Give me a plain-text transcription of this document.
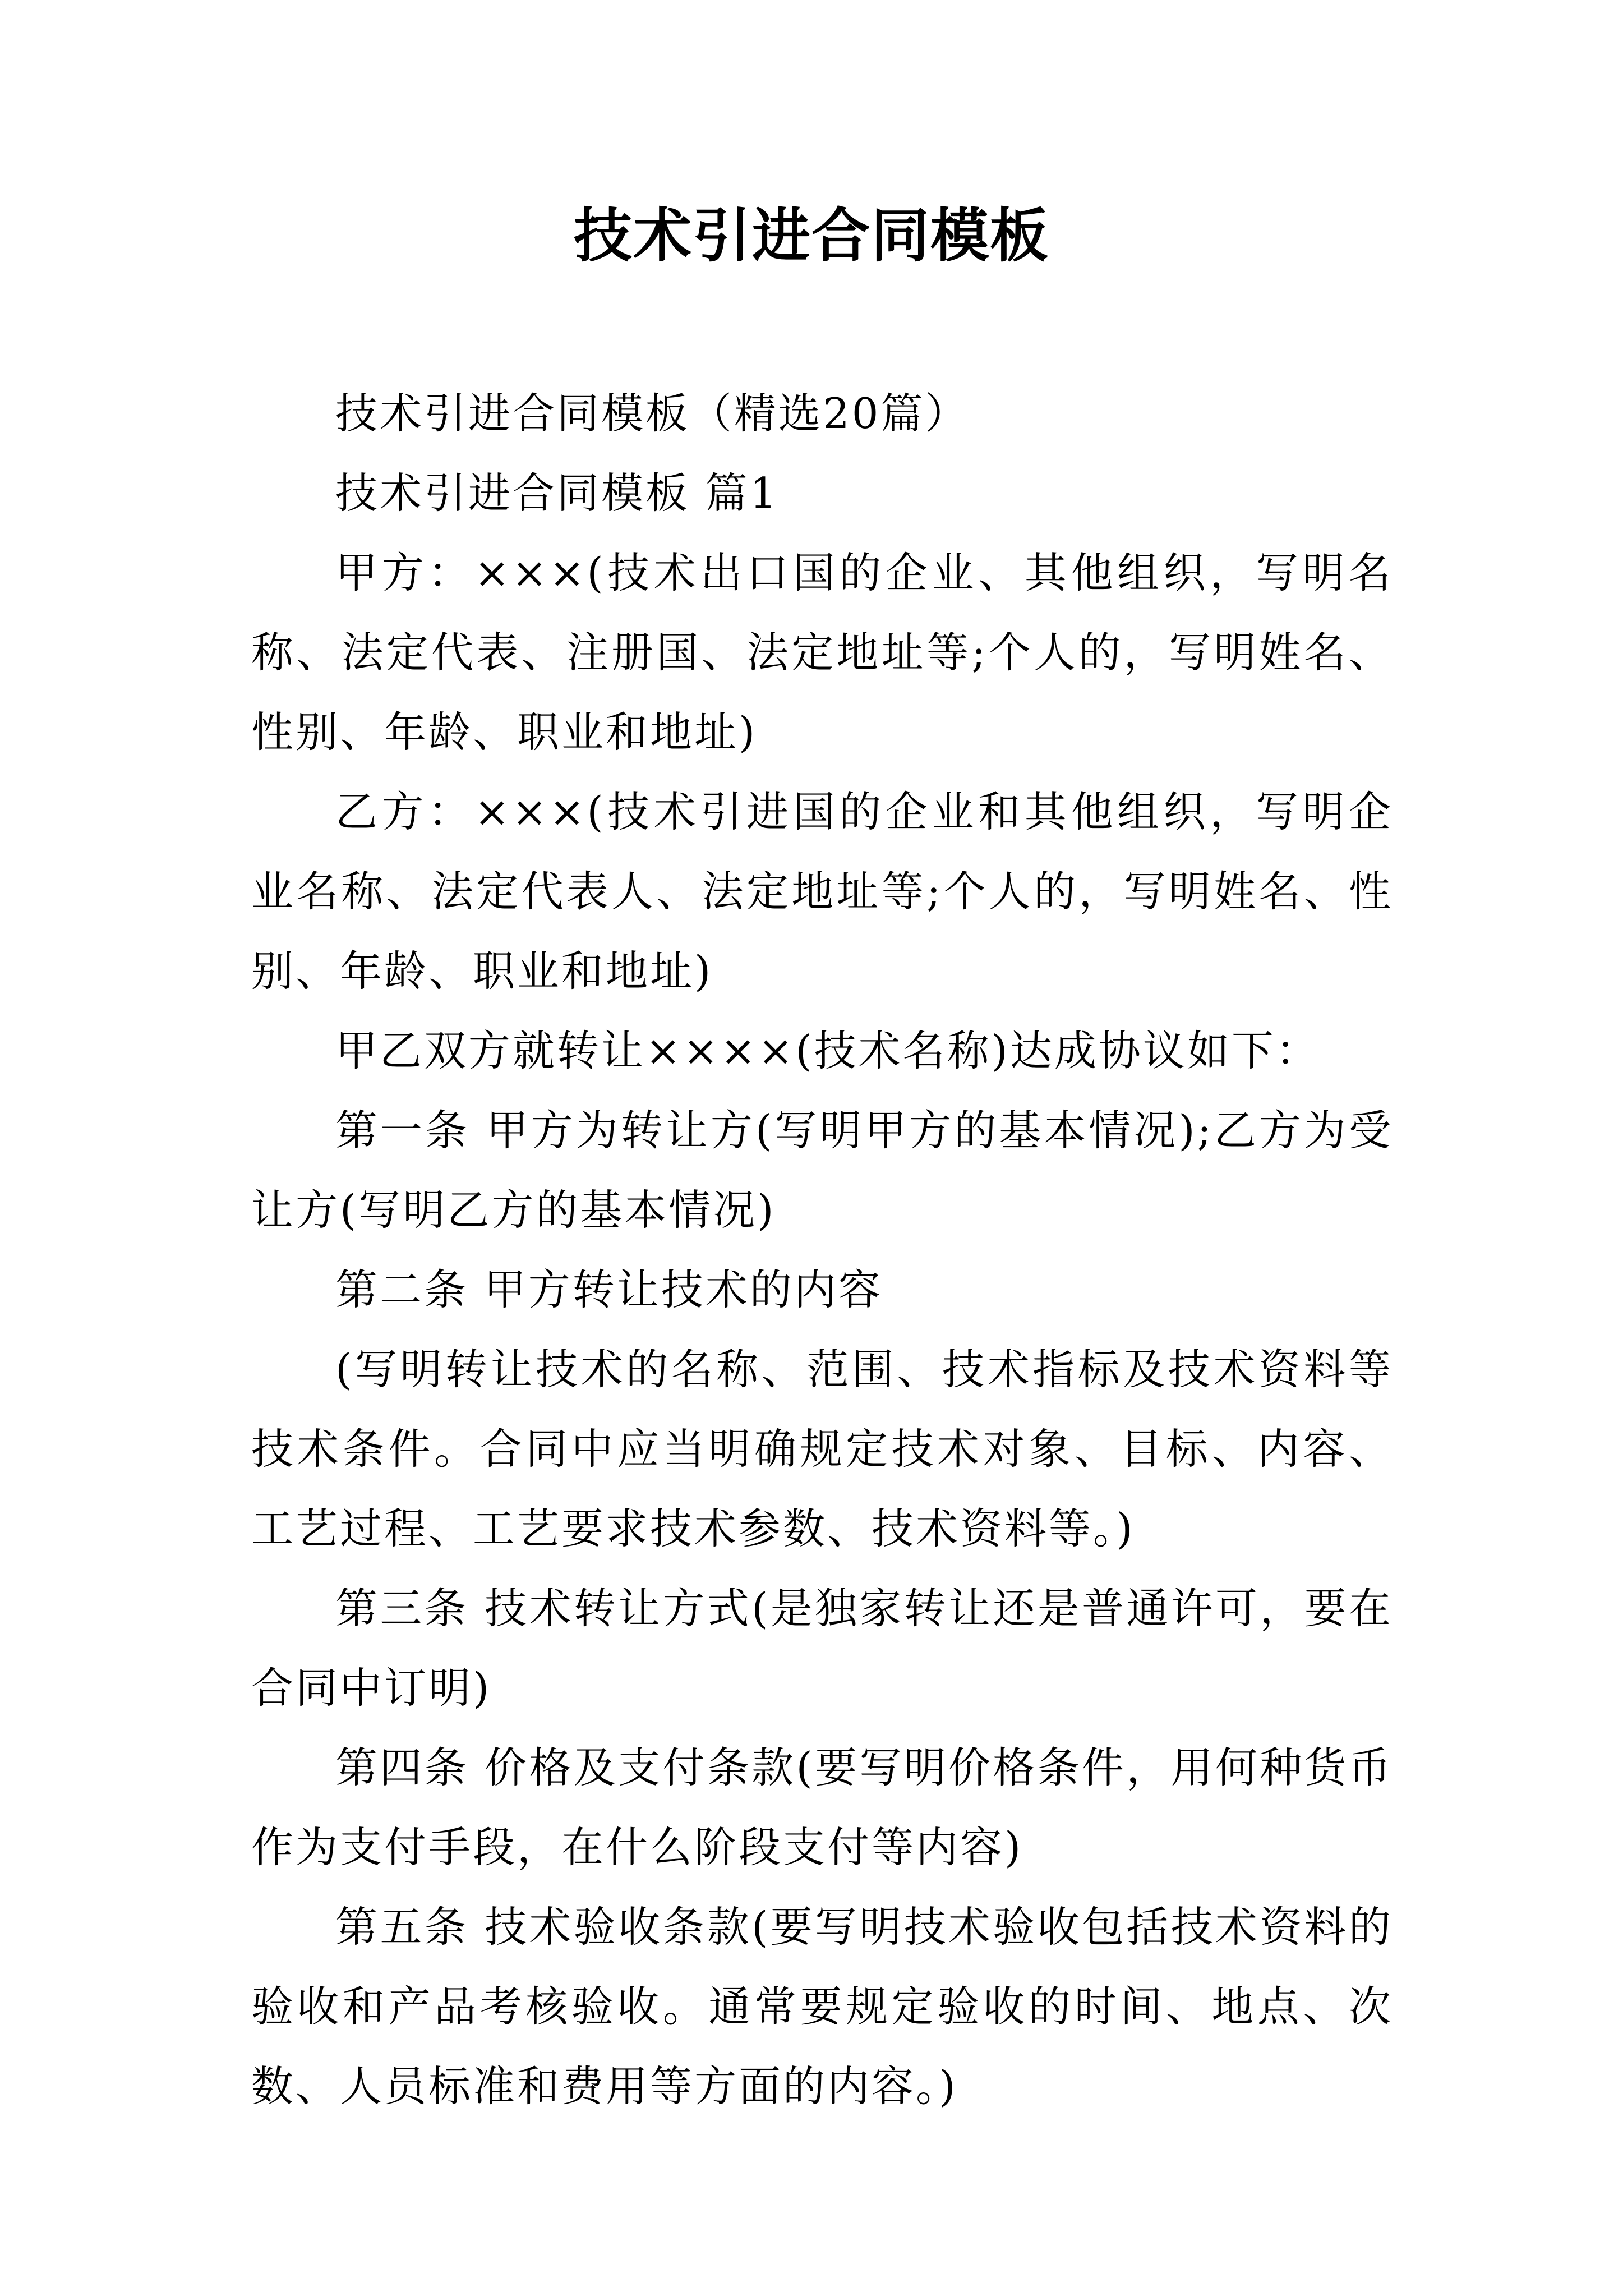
技术引进合同模板

技术引进合同模板（精选20篇）

技术引进合同模板 篇1

甲方：×××(技术出口国的企业、其他组织，写明名称、法定代表、注册国、法定地址等;个人的，写明姓名、性别、年龄、职业和地址)

乙方：×××(技术引进国的企业和其他组织，写明企业名称、法定代表人、法定地址等;个人的，写明姓名、性别、年龄、职业和地址)

甲乙双方就转让××××(技术名称)达成协议如下：

第一条 甲方为转让方(写明甲方的基本情况);乙方为受让方(写明乙方的基本情况)

第二条 甲方转让技术的内容

(写明转让技术的名称、范围、技术指标及技术资料等技术条件。合同中应当明确规定技术对象、目标、内容、工艺过程、工艺要求技术参数、技术资料等。)

第三条 技术转让方式(是独家转让还是普通许可，要在合同中订明)

第四条 价格及支付条款(要写明价格条件，用何种货币作为支付手段，在什么阶段支付等内容)

第五条 技术验收条款(要写明技术验收包括技术资料的验收和产品考核验收。通常要规定验收的时间、地点、次数、人员标准和费用等方面的内容。)
